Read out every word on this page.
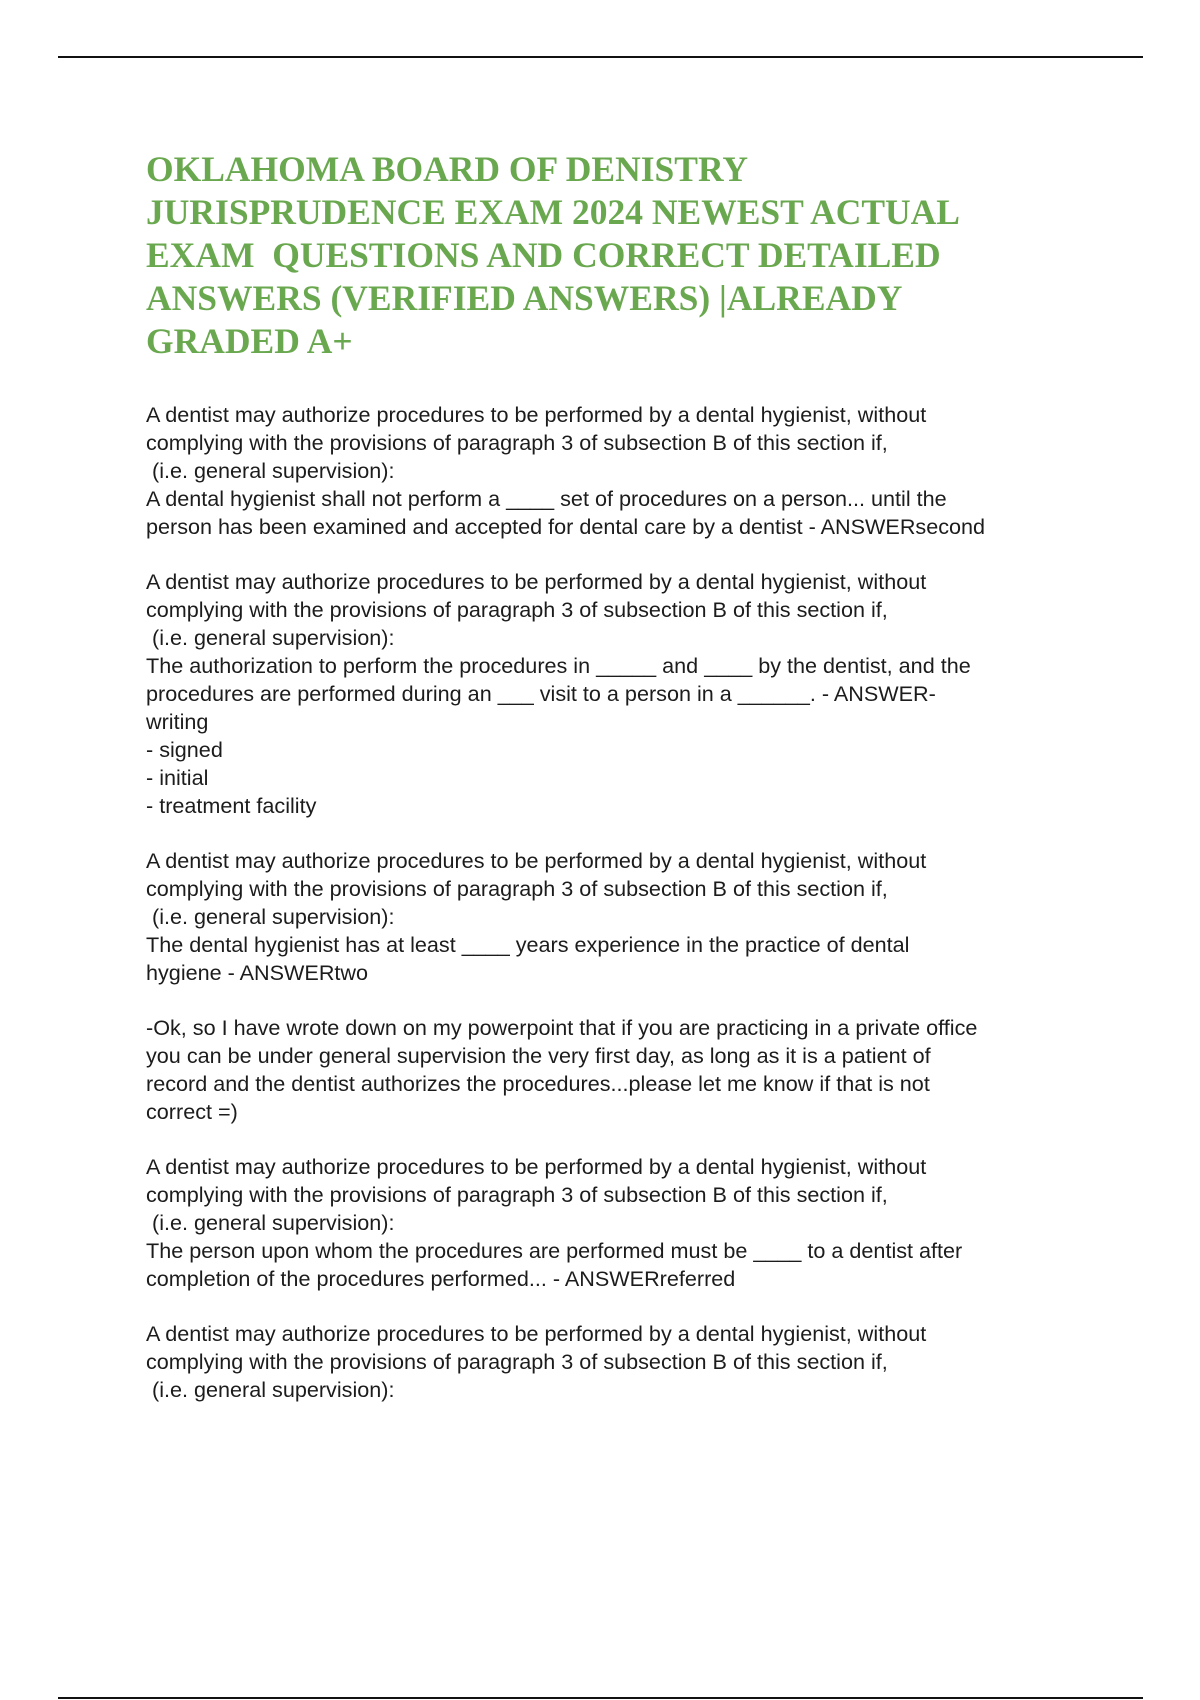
OKLAHOMA BOARD OF DENISTRY
JURISPRUDENCE EXAM 2024 NEWEST ACTUAL
EXAM  QUESTIONS AND CORRECT DETAILED
ANSWERS (VERIFIED ANSWERS) |ALREADY
GRADED A+
A dentist may authorize procedures to be performed by a dental hygienist, without
complying with the provisions of paragraph 3 of subsection B of this section if,
(i.e. general supervision):
A dental hygienist shall not perform a ____ set of procedures on a person... until the
person has been examined and accepted for dental care by a dentist - ANSWERsecond
A dentist may authorize procedures to be performed by a dental hygienist, without
complying with the provisions of paragraph 3 of subsection B of this section if,
(i.e. general supervision):
The authorization to perform the procedures in _____ and ____ by the dentist, and the
procedures are performed during an ___ visit to a person in a ______. - ANSWER-
writing
- signed
- initial
- treatment facility
A dentist may authorize procedures to be performed by a dental hygienist, without
complying with the provisions of paragraph 3 of subsection B of this section if,
(i.e. general supervision):
The dental hygienist has at least ____ years experience in the practice of dental
hygiene - ANSWERtwo
-Ok, so I have wrote down on my powerpoint that if you are practicing in a private office
you can be under general supervision the very first day, as long as it is a patient of
record and the dentist authorizes the procedures...please let me know if that is not
correct =)
A dentist may authorize procedures to be performed by a dental hygienist, without
complying with the provisions of paragraph 3 of subsection B of this section if,
(i.e. general supervision):
The person upon whom the procedures are performed must be ____ to a dentist after
completion of the procedures performed... - ANSWERreferred
A dentist may authorize procedures to be performed by a dental hygienist, without
complying with the provisions of paragraph 3 of subsection B of this section if,
(i.e. general supervision):
